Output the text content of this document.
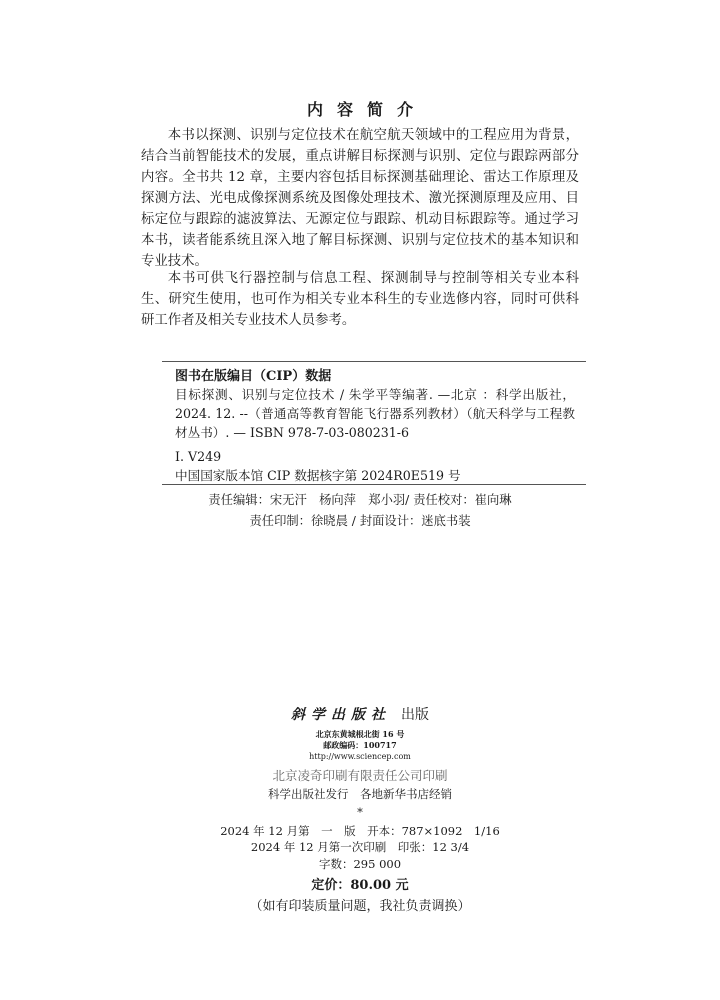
内容简介

本书以探测、识别与定位技术在航空航天领域中的工程应用为背景，结合当前智能技术的发展，重点讲解目标探测与识别、定位与跟踪两部分内容。全书共 12 章，主要内容包括目标探测基础理论、雷达工作原理及探测方法、光电成像探测系统及图像处理技术、激光探测原理及应用、目标定位与跟踪的滤波算法、无源定位与跟踪、机动目标跟踪等。通过学习本书，读者能系统且深入地了解目标探测、识别与定位技术的基本知识和专业技术。

本书可供飞行器控制与信息工程、探测制导与控制等相关专业本科生、研究生使用，也可作为相关专业本科生的专业选修内容，同时可供科研工作者及相关专业技术人员参考。

图书在版编目（CIP）数据
目标探测、识别与定位技术 / 朱学平等编著. —北京 ：科学出版社，2024. 12. --（普通高等教育智能飞行器系列教材）（航天科学与工程教材丛书）. — ISBN 978-7-03-080231-6
Ⅰ. V249
中国国家版本馆 CIP 数据核字第 2024R0E519 号
责任编辑：宋无汗　杨向萍　郑小羽/ 责任校对：崔向琳
责任印制：徐晓晨 / 封面设计：迷底书装
斜学出版社 出版
北京东黄城根北街 16 号
邮政编码：100717
http://www.sciencep.com
北京凌奇印刷有限责任公司印刷
科学出版社发行　各地新华书店经销
*
2024 年 12 月第　一　版　开本：787×1092　1/16
2024 年 12 月第一次印刷　印张：12 3/4
字数：295 000
定价：80.00 元
（如有印装质量问题，我社负责调换）
